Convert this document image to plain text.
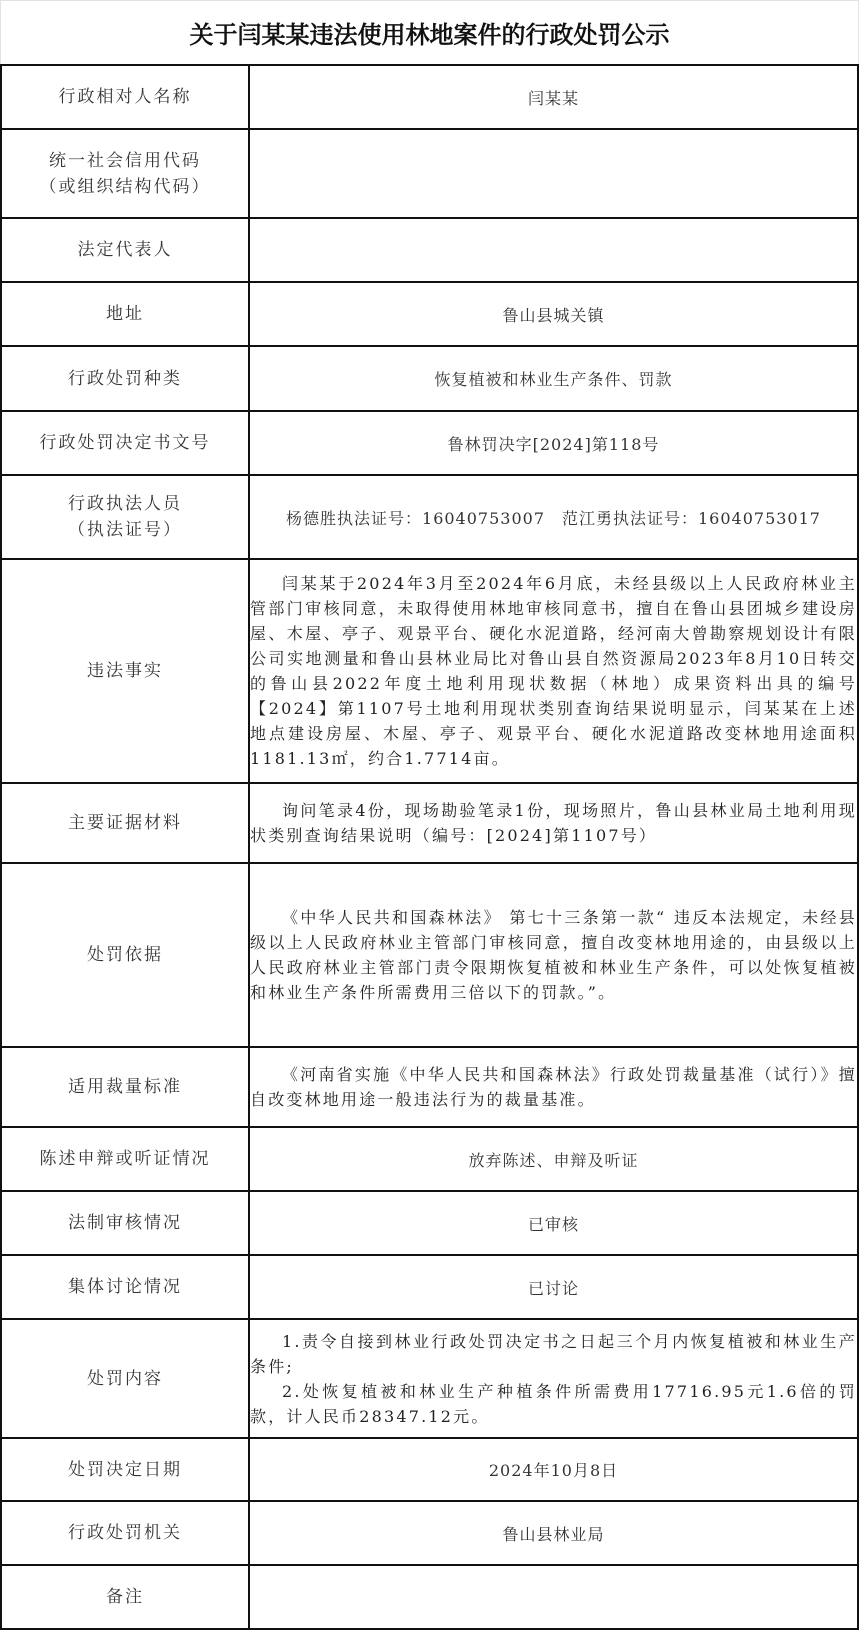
关于闫某某违法使用林地案件的行政处罚公示
行政相对人名称	闫某某

统一社会信用代码
（或组织结构代码）	

法定代表人	
地址	鲁山县城关镇
行政处罚种类	恢复植被和林业生产条件、罚款
行政处罚决定书文号	鲁林罚决字[2024]第118号

行政执法人员
（执法证号）	杨德胜执法证号：16040753007　范江勇执法证号：16040753017
违法事实	闫某某于2024年3月至2024年6月底，未经县级以上人民政府林业主管部门审核同意，未取得使用林地审核同意书，擅自在鲁山县团城乡建设房屋、木屋、亭子、观景平台、硬化水泥道路，经河南大曾勘察规划设计有限公司实地测量和鲁山县林业局比对鲁山县自然资源局2023年8月10日转交的鲁山县2022年度土地利用现状数据（林地）成果资料出具的编号【2024】第1107号土地利用现状类别查询结果说明显示，闫某某在上述地点建设房屋、木屋、亭子、观景平台、硬化水泥道路改变林地用途面积1181.13㎡，约合1.7714亩。

主要证据材料	询问笔录4份，现场勘验笔录1份，现场照片，鲁山县林业局土地利用现状类别查询结果说明（编号：[2024]第1107号）

处罚依据	《中华人民共和国森林法》 第七十三条第一款“ 违反本法规定，未经县级以上人民政府林业主管部门审核同意，擅自改变林地用途的，由县级以上人民政府林业主管部门责令限期恢复植被和林业生产条件，可以处恢复植被和林业生产条件所需费用三倍以下的罚款。”。

适用裁量标准	《河南省实施《中华人民共和国森林法》行政处罚裁量基准（试行）》擅自改变林地用途一般违法行为的裁量基准。

陈述申辩或听证情况	放弃陈述、申辩及听证
法制审核情况	已审核
集体讨论情况	已讨论
处罚内容	1.责令自接到林业行政处罚决定书之日起三个月内恢复植被和林业生产条件;
2.处恢复植被和林业生产种植条件所需费用17716.95元1.6倍的罚款，计人民币28347.12元。

处罚决定日期	2024年10月8日
行政处罚机关	鲁山县林业局
备注	
